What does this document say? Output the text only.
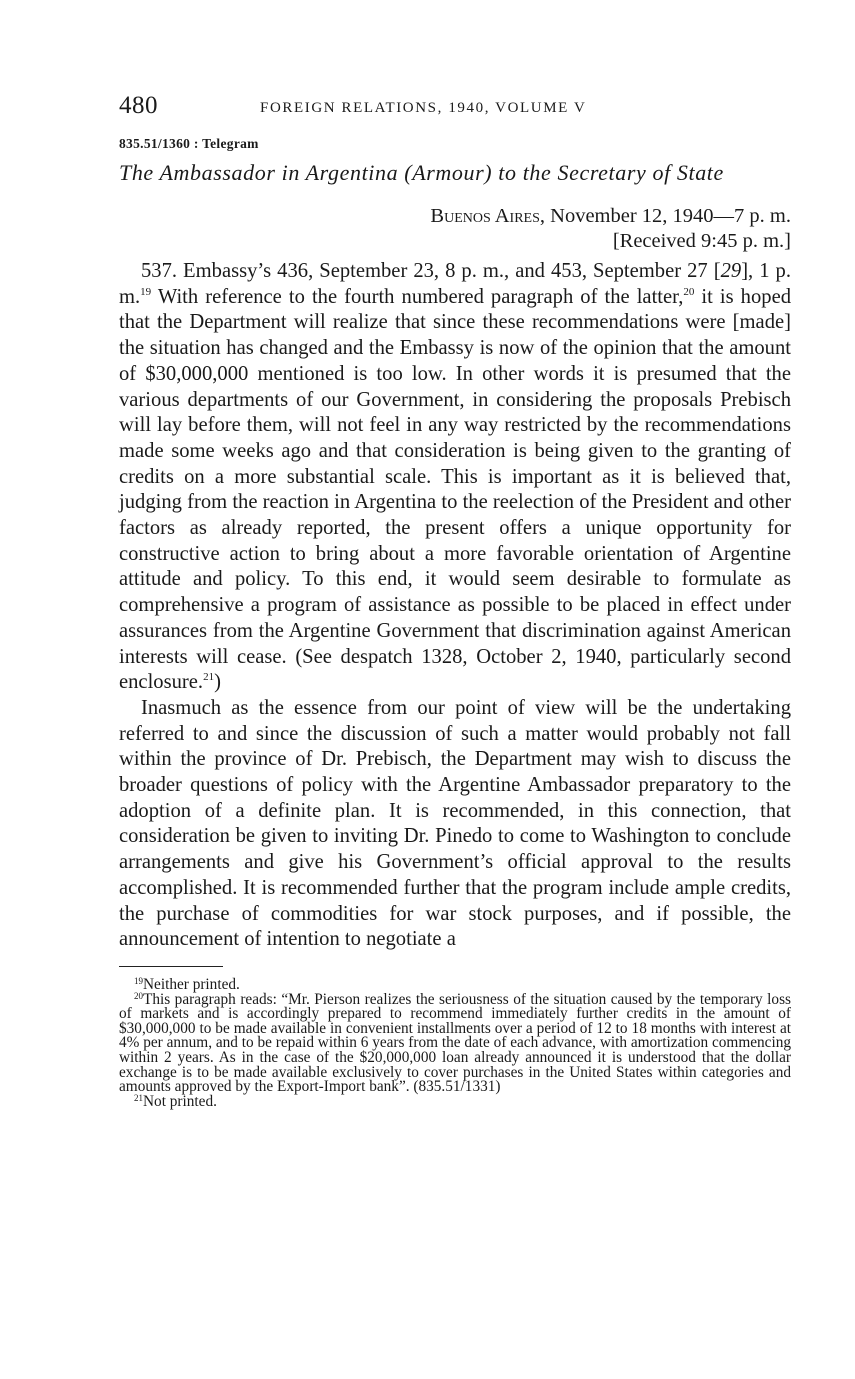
480	FOREIGN RELATIONS, 1940, VOLUME V
835.51/1360 : Telegram
The Ambassador in Argentina (Armour) to the Secretary of State
Buenos Aires, November 12, 1940—7 p. m.
[Received 9:45 p. m.]

537. Embassy’s 436, September 23, 8 p. m., and 453, September 27 [29], 1 p. m.$^{19}$ With reference to the fourth numbered paragraph of the latter,$^{20}$ it is hoped that the Department will realize that since these recommendations were [made] the situation has changed and the Embassy is now of the opinion that the amount of $30,000,000 mentioned is too low. In other words it is presumed that the various departments of our Government, in considering the proposals Prebisch will lay before them, will not feel in any way restricted by the recommendations made some weeks ago and that consideration is being given to the granting of credits on a more substantial scale. This is important as it is believed that, judging from the reaction in Argentina to the reelection of the President and other factors as already reported, the present offers a unique opportunity for constructive action to bring about a more favorable orientation of Argentine attitude and policy. To this end, it would seem desirable to formulate as comprehensive a program of assistance as possible to be placed in effect under assurances from the Argentine Government that discrimination against American interests will cease. (See despatch 1328, October 2, 1940, particularly second enclosure.$^{21}$)

Inasmuch as the essence from our point of view will be the undertaking referred to and since the discussion of such a matter would probably not fall within the province of Dr. Prebisch, the Department may wish to discuss the broader questions of policy with the Argentine Ambassador preparatory to the adoption of a definite plan. It is recommended, in this connection, that consideration be given to inviting Dr. Pinedo to come to Washington to conclude arrangements and give his Government’s official approval to the results accomplished. It is recommended further that the program include ample credits, the purchase of commodities for war stock purposes, and if possible, the announcement of intention to negotiate a

$^{19}$Neither printed.

$^{20}$This paragraph reads: “Mr. Pierson realizes the seriousness of the situation caused by the temporary loss of markets and is accordingly prepared to recommend immediately further credits in the amount of $30,000,000 to be made available in convenient installments over a period of 12 to 18 months with interest at 4% per annum, and to be repaid within 6 years from the date of each advance, with amortization commencing within 2 years. As in the case of the $20,000,000 loan already announced it is understood that the dollar exchange is to be made available exclusively to cover purchases in the United States within categories and amounts approved by the Export-Import bank”. (835.51/1331)

$^{21}$Not printed.
